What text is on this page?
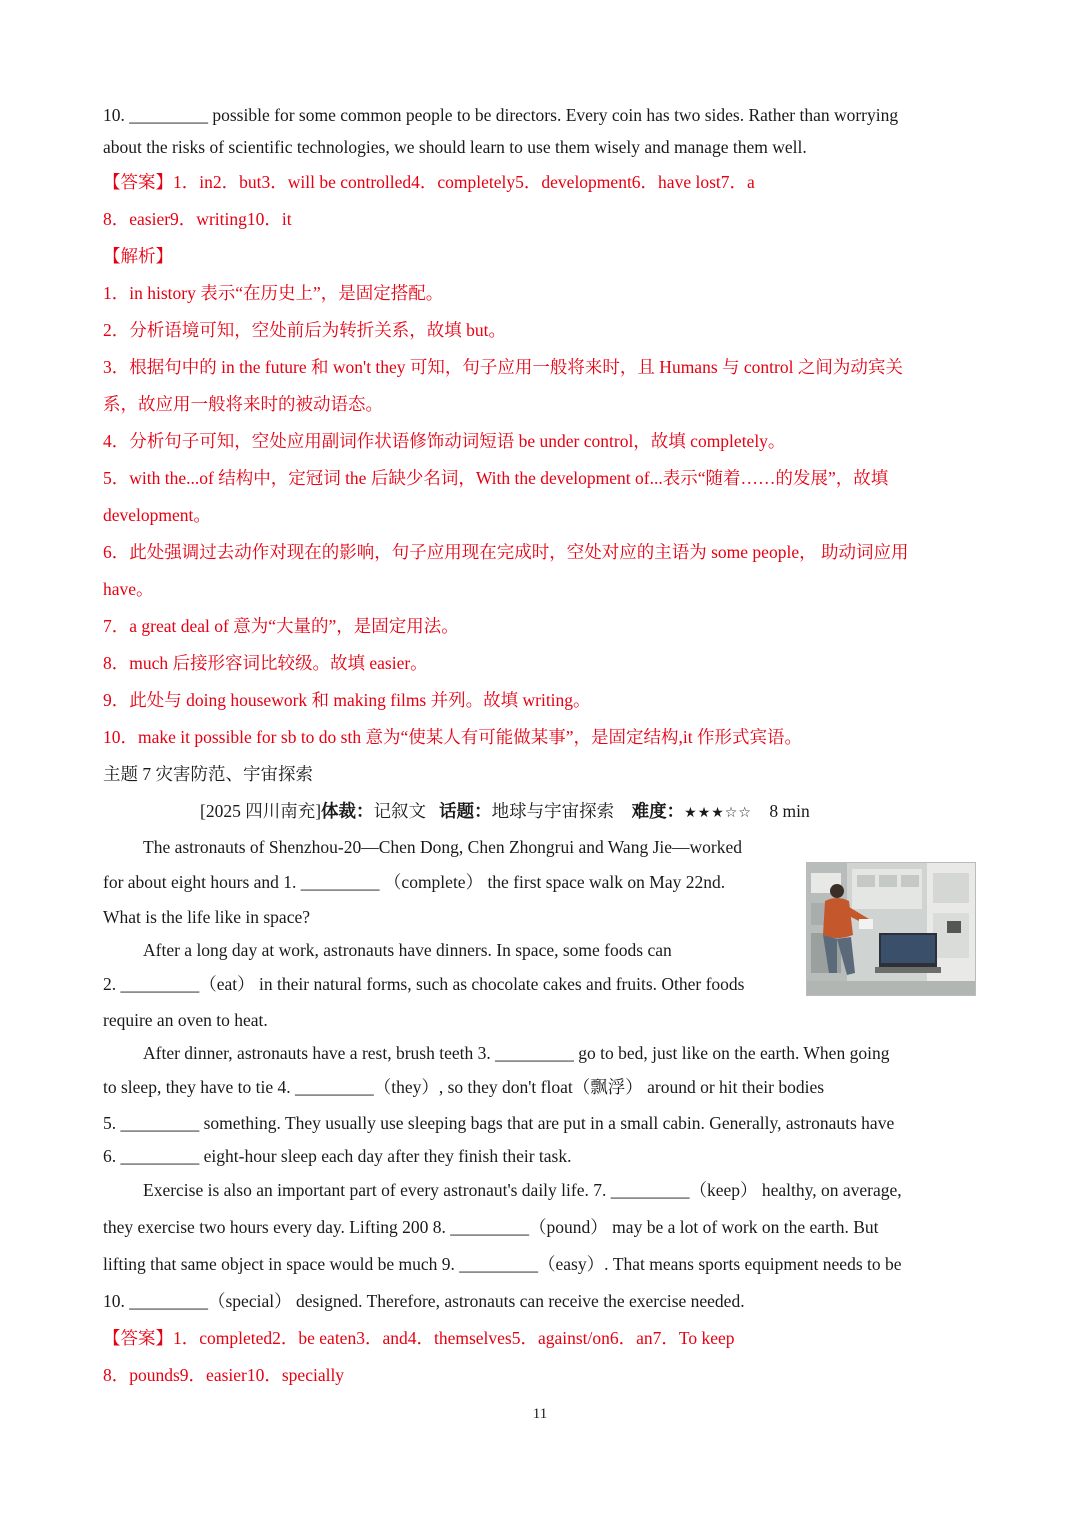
10. _________ possible for some common people to be directors. Every coin has two sides. Rather than worrying
about the risks of scientific technologies, we should learn to use them wisely and manage them well.
【答案】1．in2．but3．will be controlled4．completely5．development6．have lost7．a
8．easier9．writing10．it
【解析】
1．in history 表示“在历史上”，是固定搭配。
2．分析语境可知，空处前后为转折关系，故填 but。
3．根据句中的 in the future 和 won't they 可知，句子应用一般将来时，且 Humans 与 control 之间为动宾关
系，故应用一般将来时的被动语态。
4．分析句子可知，空处应用副词作状语修饰动词短语 be under control，故填 completely。
5．with the...of 结构中，定冠词 the 后缺少名词，With the development of...表示“随着……的发展”，故填
development。
6．此处强调过去动作对现在的影响，句子应用现在完成时，空处对应的主语为 some people， 助动词应用
have。
7．a great deal of 意为“大量的”，是固定用法。
8．much 后接形容词比较级。故填 easier。
9．此处与 doing housework 和 making films 并列。故填 writing。
10．make it possible for sb to do sth 意为“使某人有可能做某事”，是固定结构,it 作形式宾语。
主题 7 灾害防范、宇宙探索
[2025 四川南充]体裁：记叙文 话题：地球与宇宙探索 难度：★★★☆☆ 8 min
The astronauts of Shenzhou-20—Chen Dong, Chen Zhongrui and Wang Jie—worked
for about eight hours and 1. _________ （complete） the first space walk on May 22nd.
What is the life like in space?
After a long day at work, astronauts have dinners. In space, some foods can
2. _________（eat） in their natural forms, such as chocolate cakes and fruits. Other foods
require an oven to heat.
After dinner, astronauts have a rest, brush teeth 3. _________ go to bed, just like on the earth. When going
to sleep, they have to tie 4. _________（they）, so they don't float（飘浮） around or hit their bodies
5. _________ something. They usually use sleeping bags that are put in a small cabin. Generally, astronauts have
6. _________ eight-hour sleep each day after they finish their task.
Exercise is also an important part of every astronaut's daily life. 7. _________（keep） healthy, on average,
they exercise two hours every day. Lifting 200 8. _________（pound） may be a lot of work on the earth. But
lifting that same object in space would be much 9. _________（easy）. That means sports equipment needs to be
10. _________（special） designed. Therefore, astronauts can receive the exercise needed.
【答案】1．completed2．be eaten3．and4．themselves5．against/on6．an7．To keep
8．pounds9．easier10．specially
11
